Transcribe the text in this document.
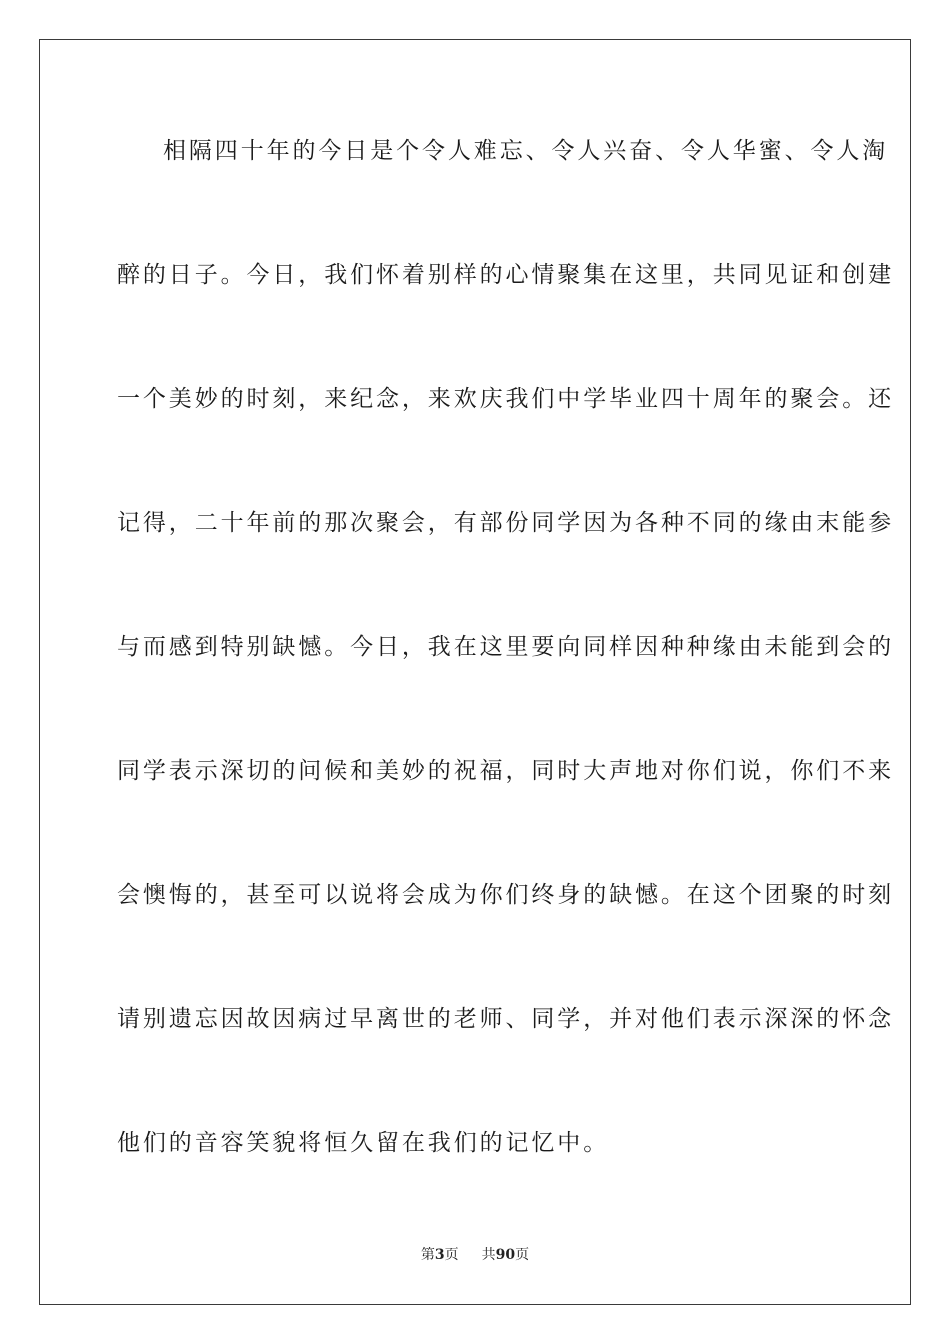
相隔四十年的今日是个令人难忘、令人兴奋、令人华蜜、令人淘
醉的日子。今日，我们怀着别样的心情聚集在这里，共同见证和创建
一个美妙的时刻，来纪念，来欢庆我们中学毕业四十周年的聚会。还
记得，二十年前的那次聚会，有部份同学因为各种不同的缘由末能参
与而感到特别缺憾。今日，我在这里要向同样因种种缘由未能到会的
同学表示深切的问候和美妙的祝福，同时大声地对你们说，你们不来
会懊悔的，甚至可以说将会成为你们终身的缺憾。在这个团聚的时刻
请别遗忘因故因病过早离世的老师、同学，并对他们表示深深的怀念
他们的音容笑貌将恒久留在我们的记忆中。
第3页 共90页
